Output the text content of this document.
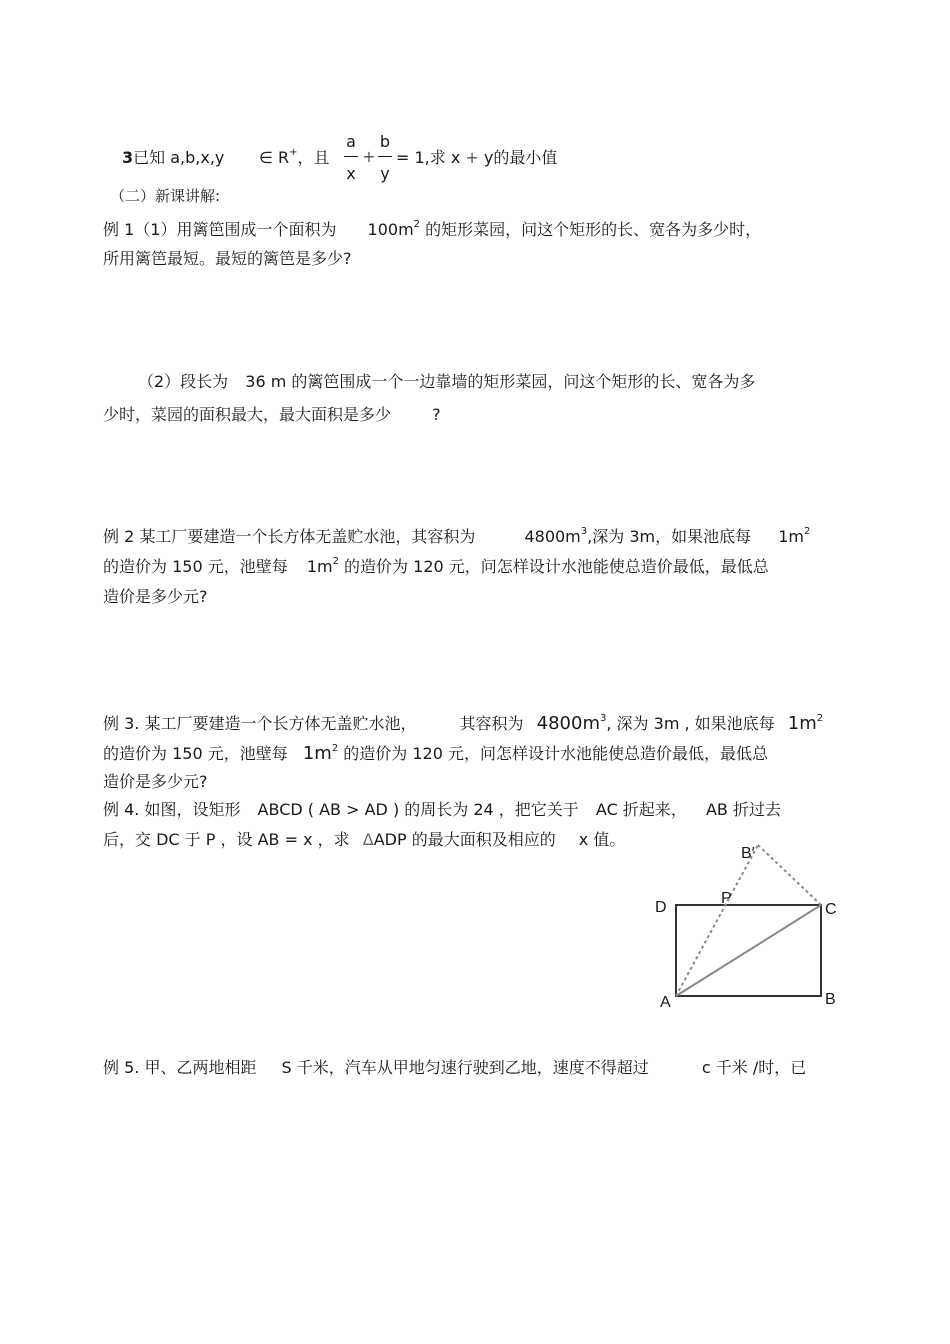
3已知 a,b,x,y ∈ R+，且
a
x
+
b
y
= 1,求 x + y的最小值
（二）新课讲解:
例 1（1）用篱笆围成一个面积为 $100m^2$ 的矩形菜园，问这个矩形的长、宽各为多少时，
所用篱笆最短。最短的篱笆是多少?
（2）段长为 36 m 的篱笆围成一个一边靠墙的矩形菜园，问这个矩形的长、宽各为多
少时，菜园的面积最大，最大面积是多少	?
例 2 某工厂要建造一个长方体无盖贮水池，其容积为	$4800m^3$,深为 3m，如果池底每 $1m^2$
的造价为 150 元，池壁每 $1m^2$ 的造价为 120 元，问怎样设计水池能使总造价最低，最低总
造价是多少元?
例 3. 某工厂要建造一个长方体无盖贮水池，	其容积为 $4800m^3$, 深为 3m , 如果池底每 $1m^2$
的造价为 150 元，池壁每 $1m^2$ 的造价为 120 元，问怎样设计水池能使总造价最低，最低总
造价是多少元?
例 4. 如图，设矩形 ABCD ( AB > AD ) 的周长为 24 ，把它关于 AC 折起来， AB 折过去
后，交 DC 于 P ，设 AB = x ，求 ΔADP 的最大面积及相应的 x 值。
B′
P
D	C
A	B
例 5. 甲、乙两地相距 S 千米，汽车从甲地匀速行驶到乙地，速度不得超过	c 千米 /时，已
